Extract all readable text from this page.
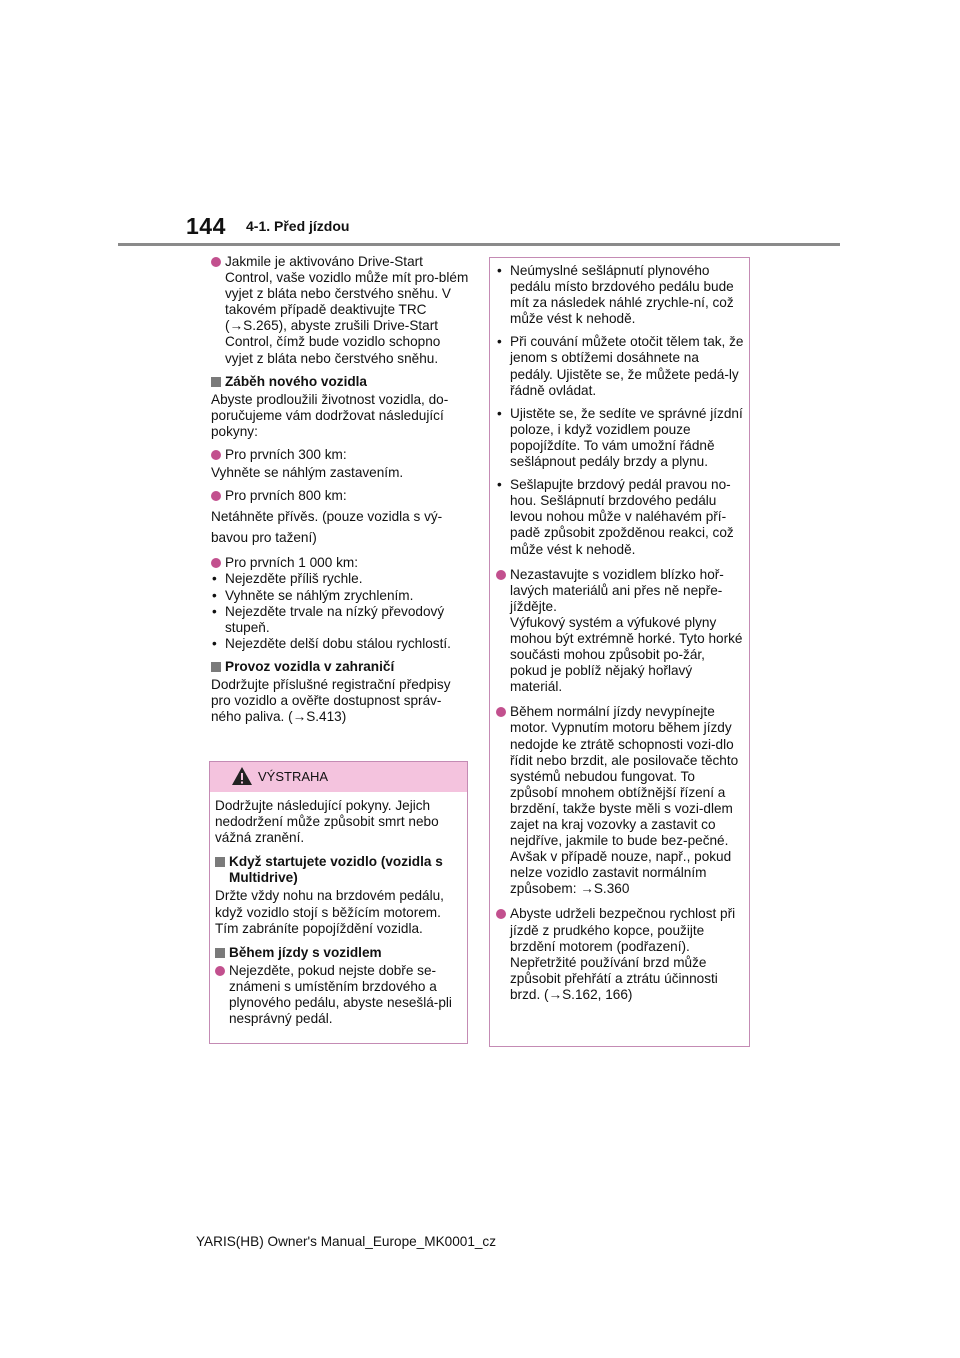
144 4-1. Před jízdou

Jakmile je aktivováno Drive-Start Control, vaše vozidlo může mít pro-blém vyjet z bláta nebo čerstvého sněhu. V takovém případě deaktivujte TRC (→S.265), abyste zrušili Drive-Start Control, čímž bude vozidlo schopno vyjet z bláta nebo čerstvého sněhu.

Záběh nového vozidla

Abyste prodloužili životnost vozidla, do-poručujeme vám dodržovat následující pokyny:

Pro prvních 300 km:

Vyhněte se náhlým zastavením.

Pro prvních 800 km:

Netáhněte přívěs. (pouze vozidla s vý-bavou pro tažení)

Pro prvních 1 000 km:

• Nejezděte příliš rychle.

• Vyhněte se náhlým zrychlením.

• Nejezděte trvale na nízký převodový stupeň.

• Nejezděte delší dobu stálou rychlostí.

Provoz vozidla v zahraničí

Dodržujte příslušné registrační předpisy pro vozidlo a ověřte dostupnost správ-ného paliva. (→S.413)

VÝSTRAHA

Dodržujte následující pokyny. Jejich nedodržení může způsobit smrt nebo vážná zranění.

Když startujete vozidlo (vozidla s Multidrive)

Držte vždy nohu na brzdovém pedálu, když vozidlo stojí s běžícím motorem. Tím zabráníte popojíždění vozidla.

Během jízdy s vozidlem

Nejezděte, pokud nejste dobře se-známeni s umístěním brzdového a plynového pedálu, abyste nesešlá-pli nesprávný pedál.

• Neúmyslné sešlápnutí plynového pedálu místo brzdového pedálu bude mít za následek náhlé zrychle-ní, což může vést k nehodě.

• Při couvání můžete otočit tělem tak, že jenom s obtížemi dosáhnete na pedály. Ujistěte se, že můžete pedá-ly řádně ovládat.

• Ujistěte se, že sedíte ve správné jízdní poloze, i když vozidlem pouze popojíždíte. To vám umožní řádně sešlápnout pedály brzdy a plynu.

• Sešlapujte brzdový pedál pravou no-hou. Sešlápnutí brzdového pedálu levou nohou může v naléhavém pří-padě způsobit zpožděnou reakci, což může vést k nehodě.

Nezastavujte s vozidlem blízko hoř-lavých materiálů ani přes ně nepře-jíždějte.
Výfukový systém a výfukové plyny mohou být extrémně horké. Tyto horké součásti mohou způsobit po-žár, pokud je poblíž nějaký hořlavý materiál.
Během normální jízdy nevypínejte motor. Vypnutím motoru během jízdy nedojde ke ztrátě schopnosti vozi-dlo řídit nebo brzdit, ale posilovače těchto systémů nebudou fungovat. To způsobí mnohem obtížnější řízení a brzdění, takže byste měli s vozi-dlem zajet na kraj vozovky a zastavit co nejdříve, jakmile to bude bez-pečné.
Avšak v případě nouze, např., pokud nelze vozidlo zastavit normálním způsobem: →S.360

Abyste udrželi bezpečnou rychlost při jízdě z prudkého kopce, použijte brzdění motorem (podřazení). Nepřetržité používání brzd může způsobit přehřátí a ztrátu účinnosti brzd. (→S.162, 166)

YARIS(HB) Owner's Manual_Europe_MK0001_cz
